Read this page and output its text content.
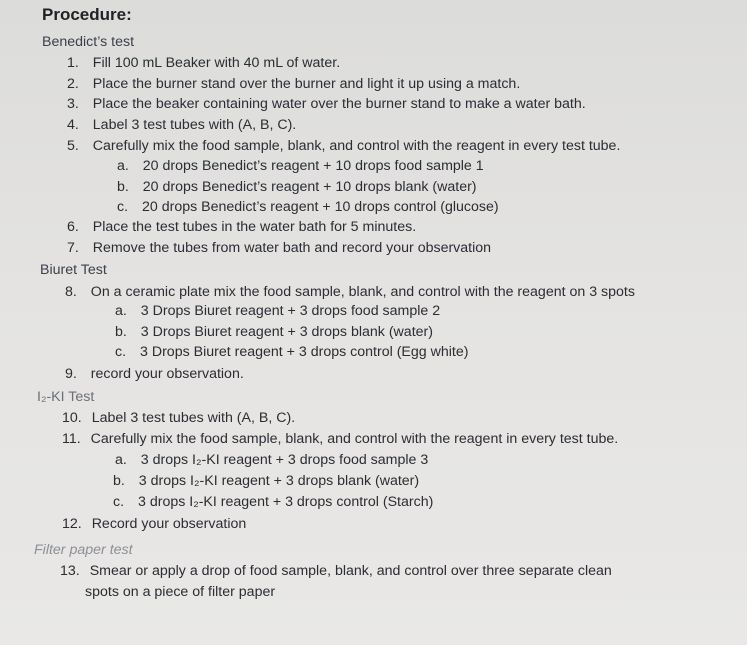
Procedure:
Benedict’s test
1. Fill 100 mL Beaker with 40 mL of water.
2. Place the burner stand over the burner and light it up using a match.
3. Place the beaker containing water over the burner stand to make a water bath.
4. Label 3 test tubes with (A, B, C).
5. Carefully mix the food sample, blank, and control with the reagent in every test tube.
a. 20 drops Benedict’s reagent + 10 drops food sample 1
b. 20 drops Benedict’s reagent + 10 drops blank (water)
c. 20 drops Benedict’s reagent + 10 drops control (glucose)
6. Place the test tubes in the water bath for 5 minutes.
7. Remove the tubes from water bath and record your observation
Biuret Test
8. On a ceramic plate mix the food sample, blank, and control with the reagent on 3 spots
a. 3 Drops Biuret reagent + 3 drops food sample 2
b. 3 Drops Biuret reagent + 3 drops blank (water)
c. 3 Drops Biuret reagent + 3 drops control (Egg white)
9. record your observation.
I₂-KI Test
10. Label 3 test tubes with (A, B, C).
11. Carefully mix the food sample, blank, and control with the reagent in every test tube.
a. 3 drops I₂-KI reagent + 3 drops food sample 3
b. 3 drops I₂-KI reagent + 3 drops blank (water)
c. 3 drops I₂-KI reagent + 3 drops control (Starch)
12. Record your observation
Filter paper test
13. Smear or apply a drop of food sample, blank, and control over three separate clean
spots on a piece of filter paper
